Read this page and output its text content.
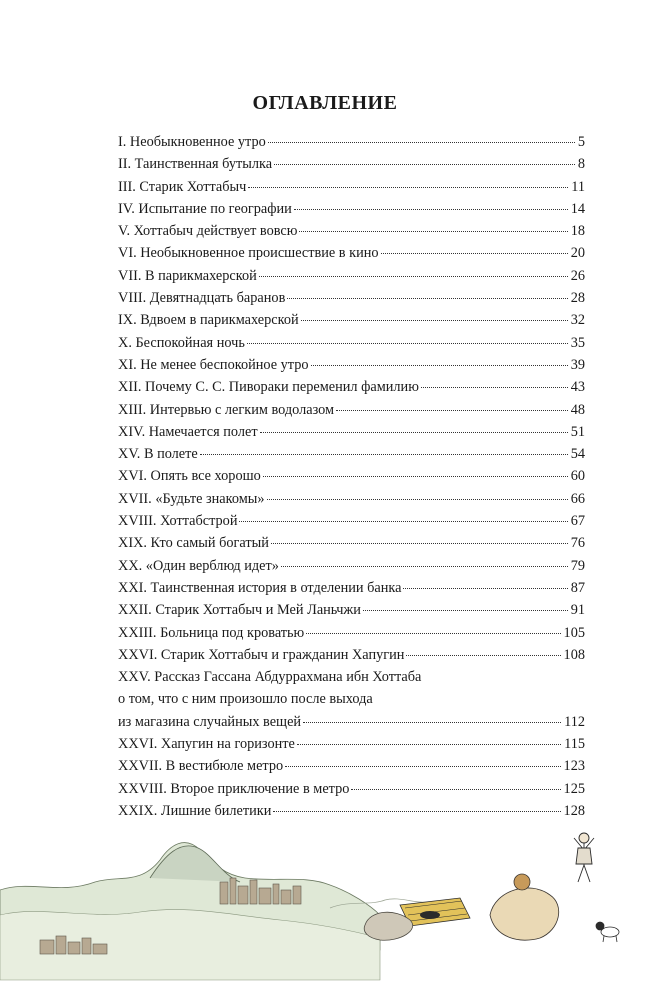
ОГЛАВЛЕНИЕ
I. Необыкновенное утро	5
II. Таинственная бутылка	8
III. Старик Хоттабыч	11
IV. Испытание по географии	14
V. Хоттабыч действует вовсю	18
VI. Необыкновенное происшествие в кино	20
VII. В парикмахерской	26
VIII. Девятнадцать баранов	28
IX. Вдвоем в парикмахерской	32
X. Беспокойная ночь	35
XI. Не менее беспокойное утро	39
XII. Почему С. С. Пивораки переменил фамилию	43
XIII. Интервью с легким водолазом	48
XIV. Намечается полет	51
XV. В полете	54
XVI. Опять все хорошо	60
XVII. «Будьте знакомы»	66
XVIII. Хоттабстрой	67
XIX. Кто самый богатый	76
XX. «Один верблюд идет»	79
XXI. Таинственная история в отделении банка	87
XXII. Старик Хоттабыч и Мей Ланьчжи	91
XXIII. Больница под кроватью	105
XXVI. Старик Хоттабыч и гражданин Хапугин	108
XXV. Рассказ Гассана Абдуррахмана ибн Хоттаба
о том, что с ним произошло после выхода
из магазина случайных вещей	112
XXVI. Хапугин на горизонте	115
XXVII. В вестибюле метро	123
XXVIII. Второе приключение в метро	125
XXIX. Лишние билетики	128
